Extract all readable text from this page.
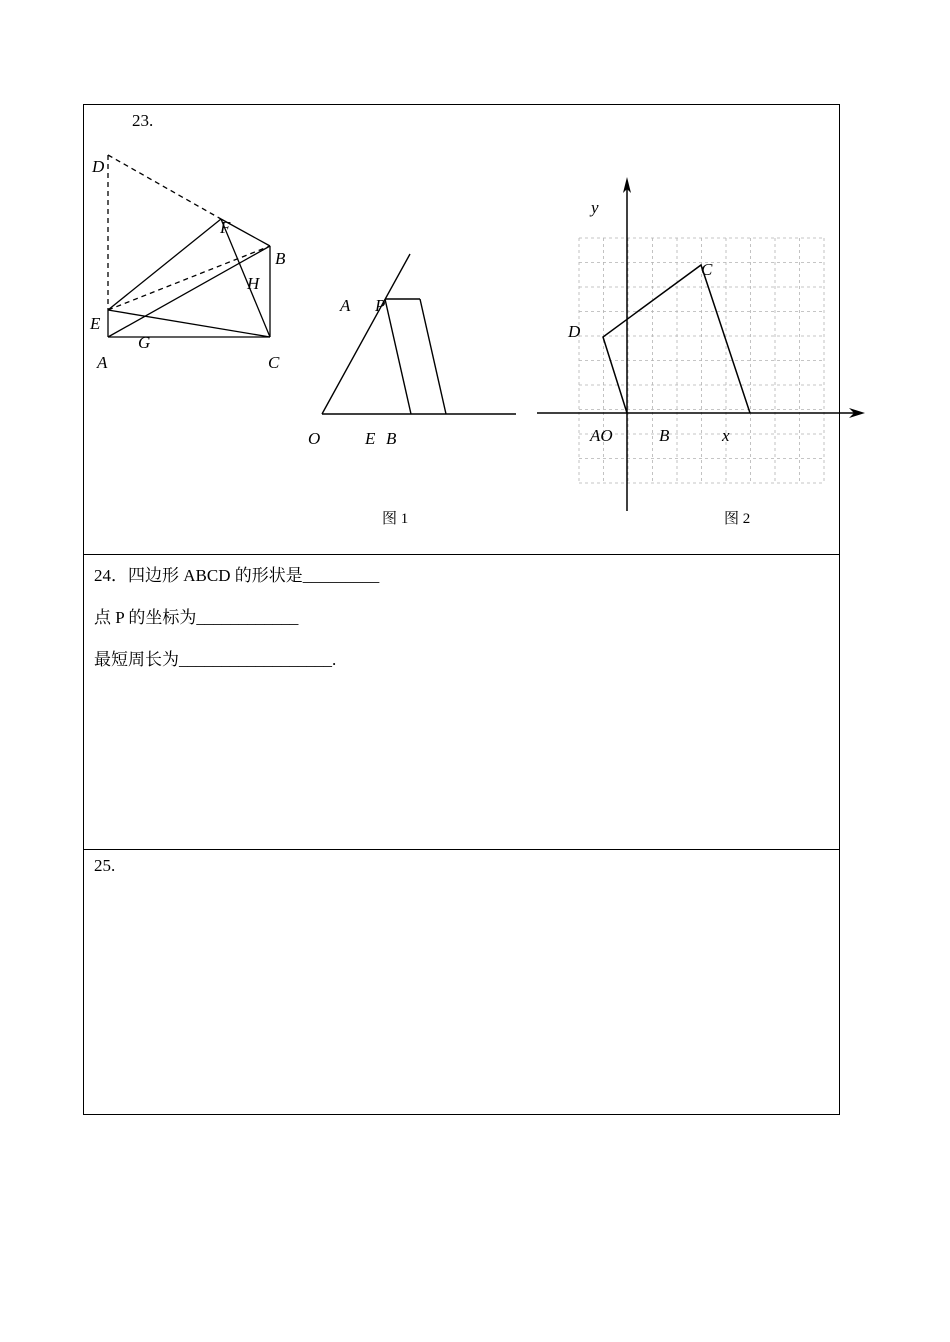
23.
D
F
B
H
E
G
A	C
A P
O	E B
图 1
y
C
D
AO	B	x
图 2
24．四边形 ABCD 的形状是_________
点 P 的坐标为____________
最短周长为__________________.
25.
